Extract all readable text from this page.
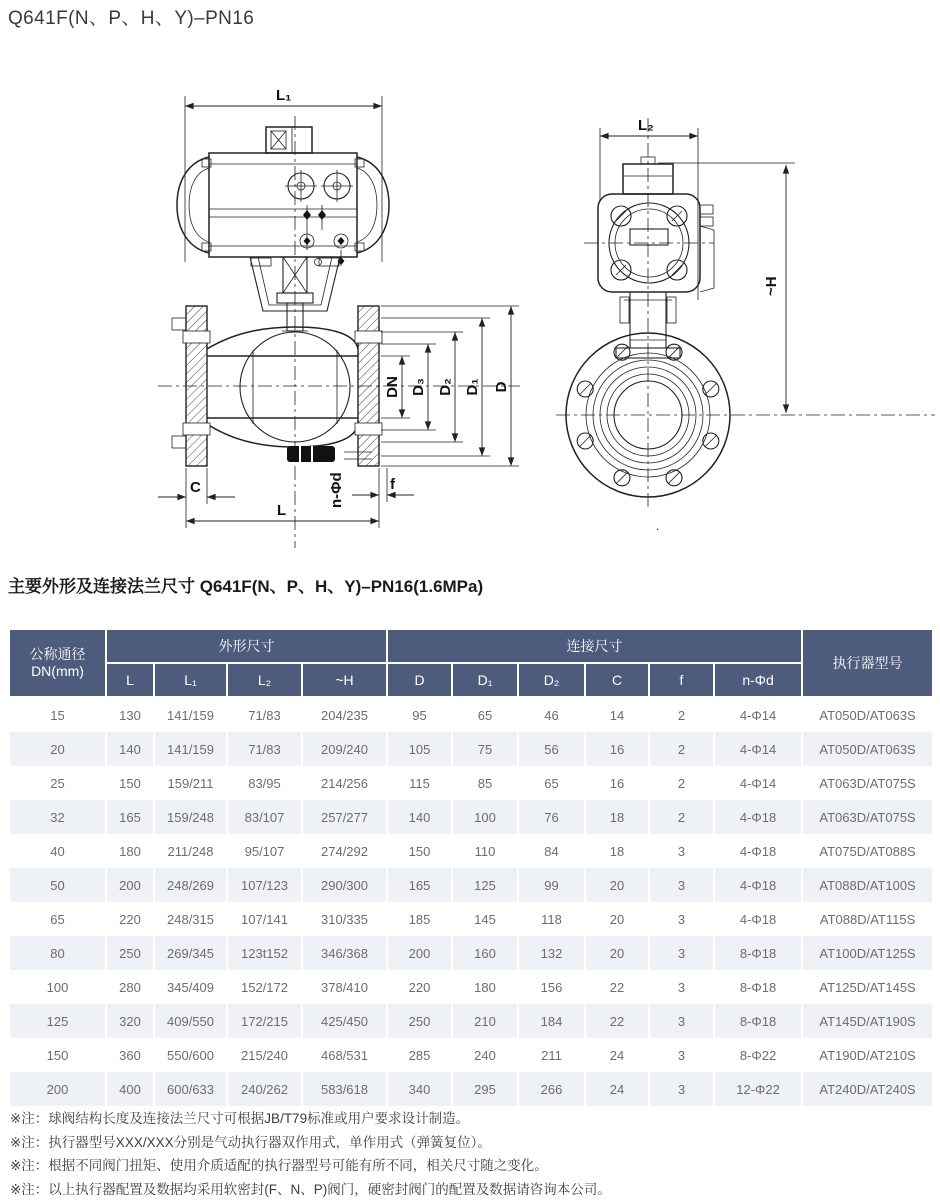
Q641F(N、P、H、Y)–PN16
L₁
DN D₃ D₂ D₁ D
C
L
f
n-Φd
L₂
~H
.
主要外形及连接法兰尺寸 Q641F(N、P、H、Y)–PN16(1.6MPa)
公称通径
DN(mm)	外形尺寸				连接尺寸						执行器型号
	L	L₁	L₂	~H	D	D₁	D₂	C	f	n-Φd	
15	130	141/159	71/83	204/235	95	65	46	14	2	4-Φ14	AT050D/AT063S
20	140	141/159	71/83	209/240	105	75	56	16	2	4-Φ14	AT050D/AT063S
25	150	159/211	83/95	214/256	115	85	65	16	2	4-Φ14	AT063D/AT075S
32	165	159/248	83/107	257/277	140	100	76	18	2	4-Φ18	AT063D/AT075S
40	180	211/248	95/107	274/292	150	110	84	18	3	4-Φ18	AT075D/AT088S
50	200	248/269	107/123	290/300	165	125	99	20	3	4-Φ18	AT088D/AT100S
65	220	248/315	107/141	310/335	185	145	118	20	3	4-Φ18	AT088D/AT115S
80	250	269/345	123t152	346/368	200	160	132	20	3	8-Φ18	AT100D/AT125S
100	280	345/409	152/172	378/410	220	180	156	22	3	8-Φ18	AT125D/AT145S
125	320	409/550	172/215	425/450	250	210	184	22	3	8-Φ18	AT145D/AT190S
150	360	550/600	215/240	468/531	285	240	211	24	3	8-Φ22	AT190D/AT210S
200	400	600/633	240/262	583/618	340	295	266	24	3	12-Φ22	AT240D/AT240S
※注：球阀结构长度及连接法兰尺寸可根据JB/T79标准或用户要求设计制造。
※注：执行器型号XXX/XXX分别是气动执行器双作用式，单作用式（弹簧复位）。
※注：根据不同阀门扭矩、使用介质适配的执行器型号可能有所不同，相关尺寸随之变化。
※注：以上执行器配置及数据均采用软密封(F、N、P)阀门，硬密封阀门的配置及数据请咨询本公司。
